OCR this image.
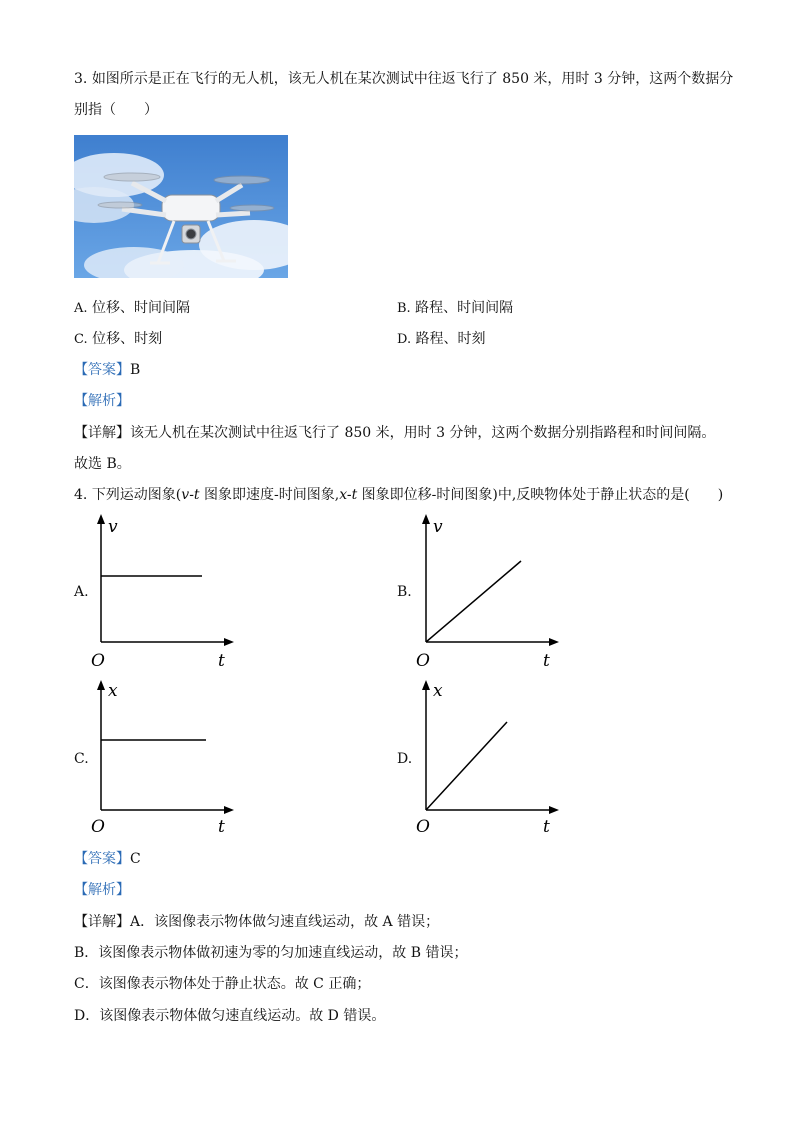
3. 如图所示是正在飞行的无人机，该无人机在某次测试中往返飞行了 850 米，用时 3 分钟，这两个数据分
别指（　　）
A. 位移、时间间隔	B. 路程、时间间隔
C. 位移、时刻	D. 路程、时刻
【答案】B
【解析】
【详解】该无人机在某次测试中往返飞行了 850 米，用时 3 分钟，这两个数据分别指路程和时间间隔。
故选 B。
4. 下列运动图象(v-t 图象即速度-时间图象,x-t 图象即位移-时间图象)中,反映物体处于静止状态的是(　　)
A.
v
t
O
B.
v
t
O
C.
x
t
O
D.
x
t
O
【答案】C
【解析】
【详解】A．该图像表示物体做匀速直线运动，故 A 错误；
B．该图像表示物体做初速为零的匀加速直线运动，故 B 错误；
C．该图像表示物体处于静止状态。故 C 正确；
D．该图像表示物体做匀速直线运动。故 D 错误。
